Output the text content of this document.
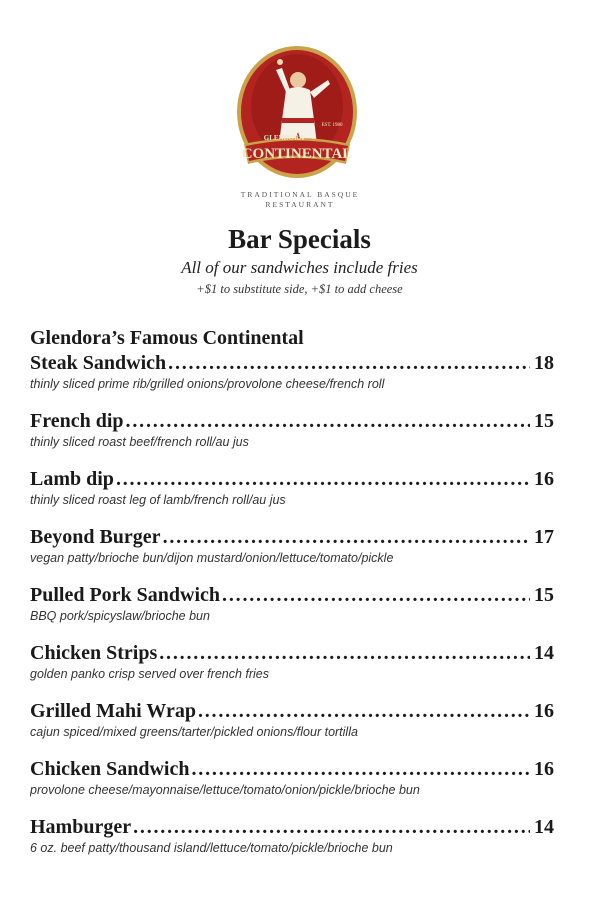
CONTINENTAL
GLENDORA
EST. 1980
TRADITIONAL BASQUE
RESTAURANT
Bar Specials
All of our sandwiches include fries
+$1 to substitute side, +$1 to add cheese
Glendora’s Famous Continental
Steak Sandwich . . .	18
thinly sliced prime rib/grilled onions/provolone cheese/french roll
French dip . . .	15
thinly sliced roast beef/french roll/au jus
Lamb dip . . .	16
thinly sliced roast leg of lamb/french roll/au jus
Beyond Burger . . .	17
vegan patty/brioche bun/dijon mustard/onion/lettuce/tomato/pickle
Pulled Pork Sandwich . . .	15
BBQ pork/spicyslaw/brioche bun
Chicken Strips . . .	14
golden panko crisp served over french fries
Grilled Mahi Wrap . . .	16
cajun spiced/mixed greens/tarter/pickled onions/flour tortilla
Chicken Sandwich . . .	16
provolone cheese/mayonnaise/lettuce/tomato/onion/pickle/brioche bun
Hamburger . . .	14
6 oz. beef patty/thousand island/lettuce/tomato/pickle/brioche bun
